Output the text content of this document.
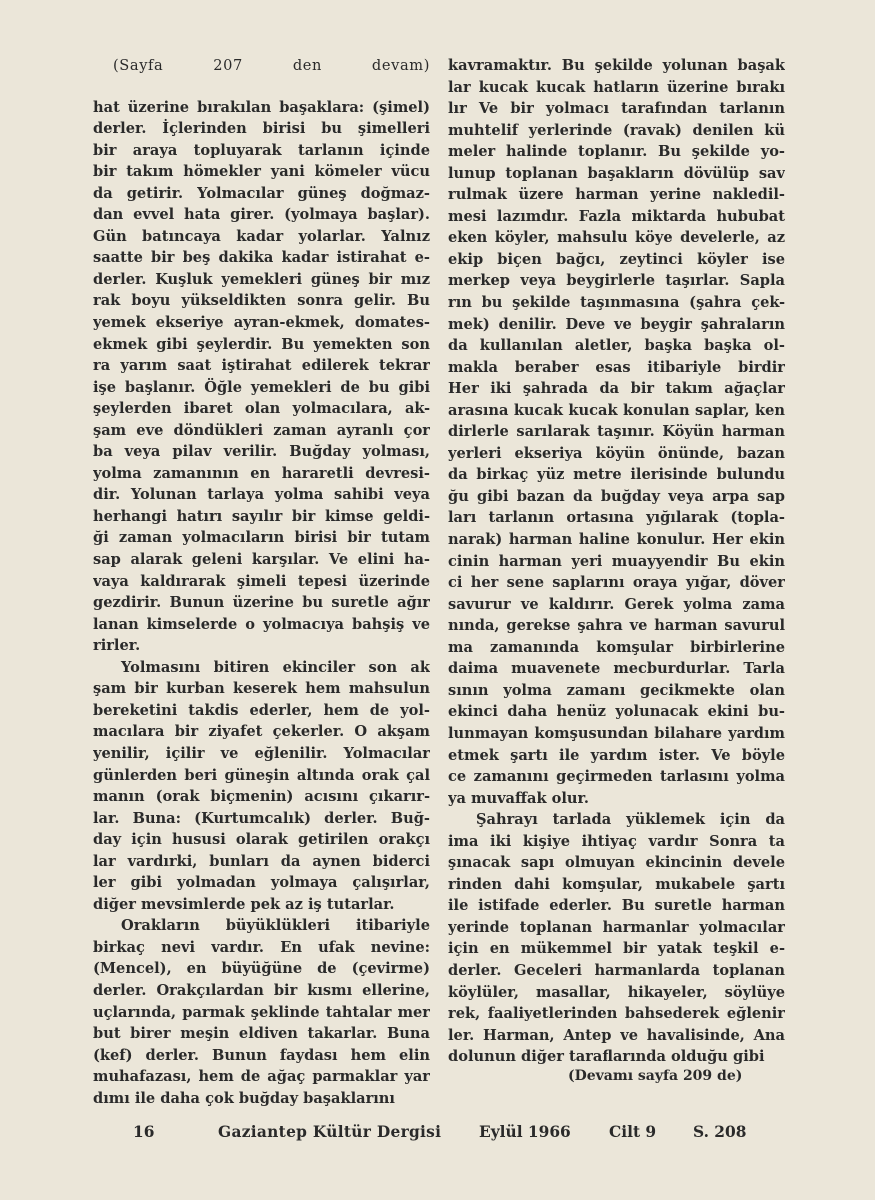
(Sayfa 207 den devam)
hat üzerine bırakılan başaklara: (şimel)
derler. İçlerinden birisi bu şimelleri
bir araya topluyarak tarlanın içinde
bir takım hömekler yani kömeler vücu
da getirir. Yolmacılar güneş doğmaz-
dan evvel hata girer. (yolmaya başlar).
Gün batıncaya kadar yolarlar. Yalnız
saatte bir beş dakika kadar istirahat e-
derler. Kuşluk yemekleri güneş bir mız
rak boyu yükseldikten sonra gelir. Bu
yemek ekseriye ayran-ekmek, domates-
ekmek gibi şeylerdir. Bu yemekten son
ra yarım saat iştirahat edilerek tekrar
işe başlanır. Öğle yemekleri de bu gibi
şeylerden ibaret olan yolmacılara, ak-
şam eve döndükleri zaman ayranlı çor
ba veya pilav verilir. Buğday yolması,
yolma zamanının en hararetli devresi-
dir. Yolunan tarlaya yolma sahibi veya
herhangi hatırı sayılır bir kimse geldi-
ği zaman yolmacıların birisi bir tutam
sap alarak geleni karşılar. Ve elini ha-
vaya kaldırarak şimeli tepesi üzerinde
gezdirir. Bunun üzerine bu suretle ağır
lanan kimselerde o yolmacıya bahşiş ve
rirler.
Yolmasını bitiren ekinciler son ak
şam bir kurban keserek hem mahsulun
bereketini takdis ederler, hem de yol-
macılara bir ziyafet çekerler. O akşam
yenilir, içilir ve eğlenilir. Yolmacılar
günlerden beri güneşin altında orak çal
manın (orak biçmenin) acısını çıkarır-
lar. Buna: (Kurtumcalık) derler. Buğ-
day için hususi olarak getirilen orakçı
lar vardırki, bunları da aynen biderci
ler gibi yolmadan yolmaya çalışırlar,
diğer mevsimlerde pek az iş tutarlar.
Orakların büyüklükleri itibariyle
birkaç nevi vardır. En ufak nevine:
(Mencel), en büyüğüne de (çevirme)
derler. Orakçılardan bir kısmı ellerine,
uçlarında, parmak şeklinde tahtalar mer
but birer meşin eldiven takarlar. Buna
(kef) derler. Bunun faydası hem elin
muhafazası, hem de ağaç parmaklar yar
dımı ile daha çok buğday başaklarını
kavramaktır. Bu şekilde yolunan başak
lar kucak kucak hatların üzerine bırakı
lır Ve bir yolmacı tarafından tarlanın
muhtelif yerlerinde (ravak) denilen kü
meler halinde toplanır. Bu şekilde yo-
lunup toplanan başakların dövülüp sav
rulmak üzere harman yerine nakledil-
mesi lazımdır. Fazla miktarda hububat
eken köyler, mahsulu köye develerle, az
ekip biçen bağcı, zeytinci köyler ise
merkep veya beygirlerle taşırlar. Sapla
rın bu şekilde taşınmasına (şahra çek-
mek) denilir. Deve ve beygir şahraların
da kullanılan aletler, başka başka ol-
makla beraber esas itibariyle birdir
Her iki şahrada da bir takım ağaçlar
arasına kucak kucak konulan saplar, ken
dirlerle sarılarak taşınır. Köyün harman
yerleri ekseriya köyün önünde, bazan
da birkaç yüz metre ilerisinde bulundu
ğu gibi bazan da buğday veya arpa sap
ları tarlanın ortasına yığılarak (topla-
narak) harman haline konulur. Her ekin
cinin harman yeri muayyendir Bu ekin
ci her sene saplarını oraya yığar, döver
savurur ve kaldırır. Gerek yolma zama
nında, gerekse şahra ve harman savurul
ma zamanında komşular birbirlerine
daima muavenete mecburdurlar. Tarla
sının yolma zamanı gecikmekte olan
ekinci daha henüz yolunacak ekini bu-
lunmayan komşusundan bilahare yardım
etmek şartı ile yardım ister. Ve böyle
ce zamanını geçirmeden tarlasını yolma
ya muvaffak olur.
Şahrayı tarlada yüklemek için da
ima iki kişiye ihtiyaç vardır Sonra ta
şınacak sapı olmuyan ekincinin devele
rinden dahi komşular, mukabele şartı
ile istifade ederler. Bu suretle harman
yerinde toplanan harmanlar yolmacılar
için en mükemmel bir yatak teşkil e-
derler. Geceleri harmanlarda toplanan
köylüler, masallar, hikayeler, söylüye
rek, faaliyetlerinden bahsederek eğlenir
ler. Harman, Antep ve havalisinde, Ana
dolunun diğer taraflarında olduğu gibi
(Devamı sayfa 209 de)
16	Gaziantep Kültür Dergisi Eylül 1966 Cilt 9 S. 208
